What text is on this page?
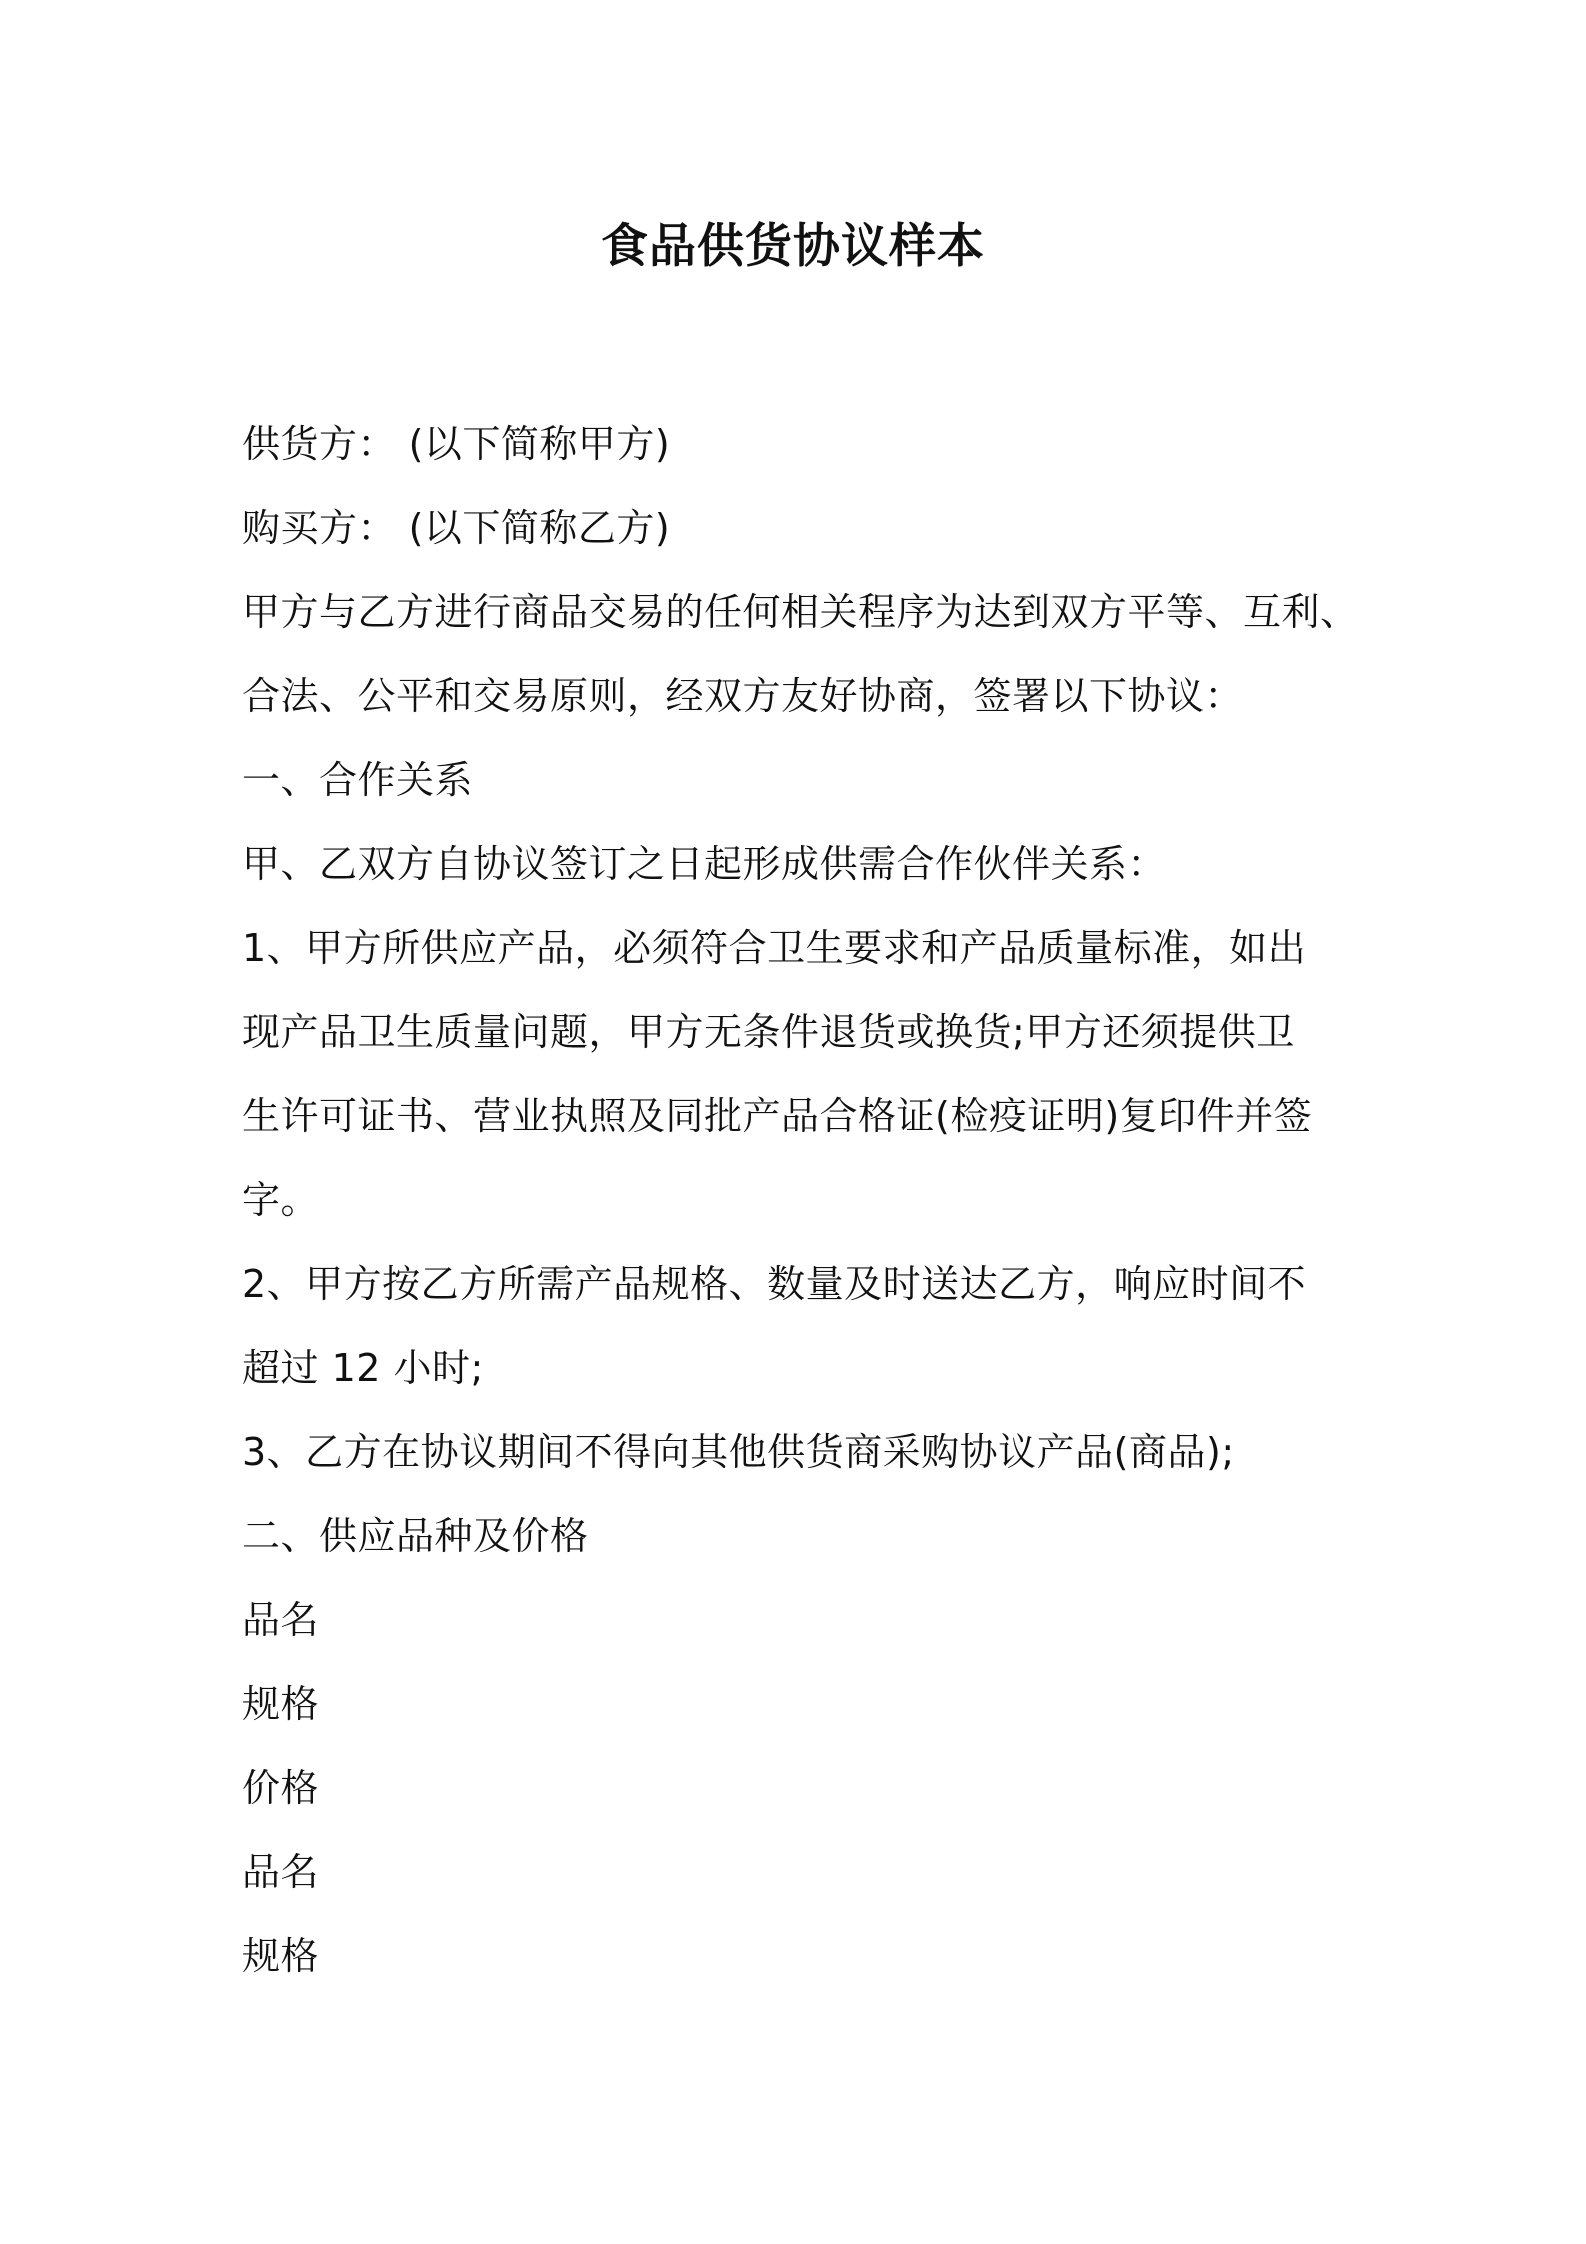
食品供货协议样本

供货方： (以下简称甲方)

购买方： (以下简称乙方)

甲方与乙方进行商品交易的任何相关程序为达到双方平等、互利、

合法、公平和交易原则，经双方友好协商，签署以下协议：

一、合作关系

甲、乙双方自协议签订之日起形成供需合作伙伴关系：

1、甲方所供应产品，必须符合卫生要求和产品质量标准，如出

现产品卫生质量问题，甲方无条件退货或换货;甲方还须提供卫

生许可证书、营业执照及同批产品合格证(检疫证明)复印件并签

字。

2、甲方按乙方所需产品规格、数量及时送达乙方，响应时间不

超过 12 小时;

3、乙方在协议期间不得向其他供货商采购协议产品(商品);

二、供应品种及价格

品名

规格

价格

品名

规格
